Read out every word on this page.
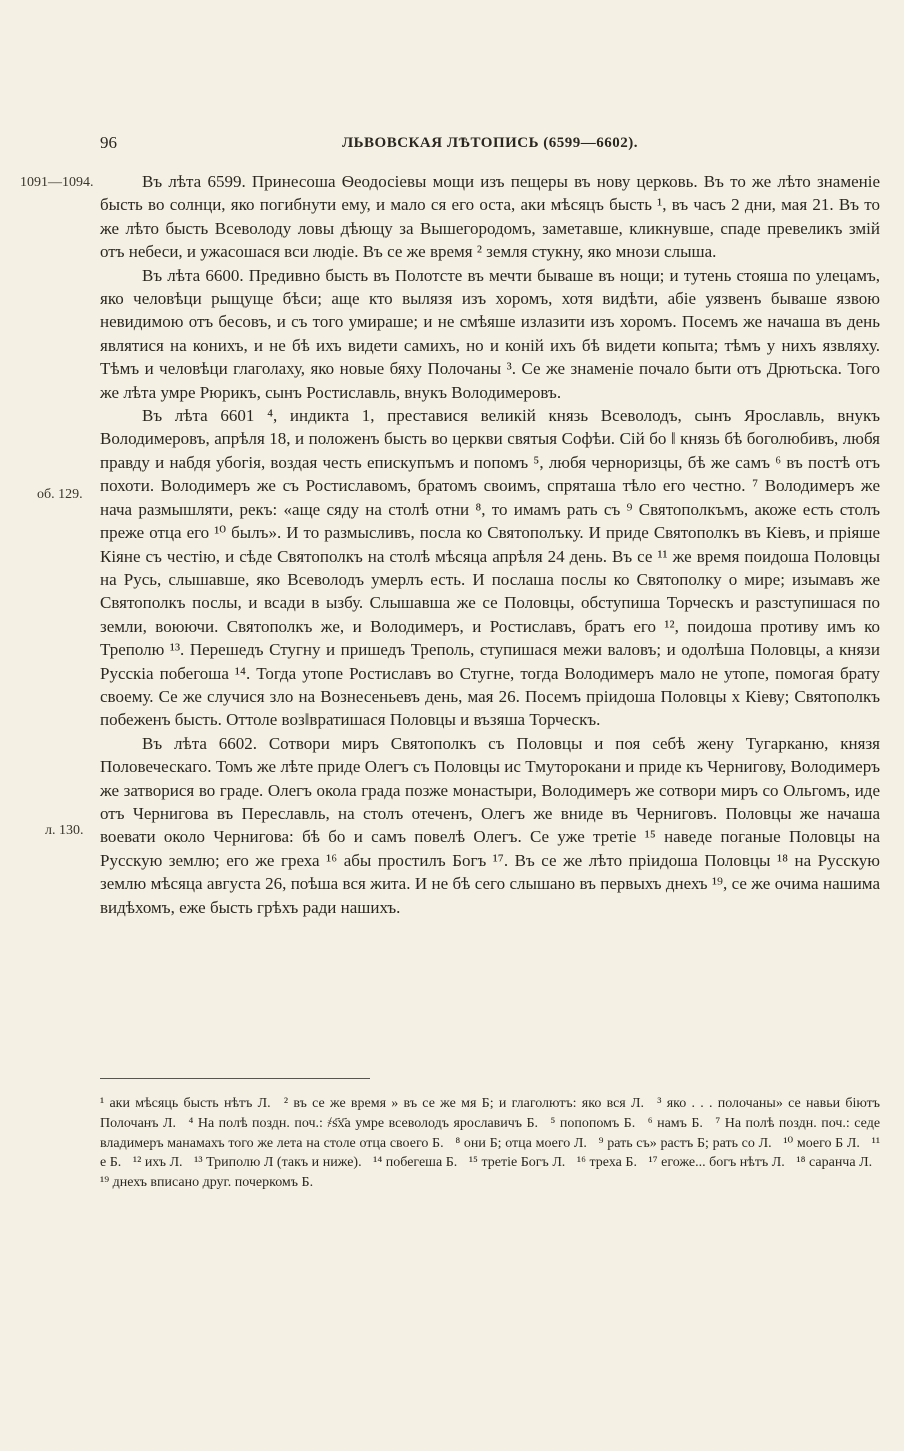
96	ЛЬВОВСКАЯ ЛѢТОПИСЬ (6599—6602).
1091—1094.
об. 129.
л. 130.

Въ лѣта 6599. Принесоша Ѳеодосіевы мощи изъ пещеры въ нову церковь. Въ то же лѣто знаменіе бысть во солнци, яко погибнути ему, и мало ся его оста, аки мѣсяцъ бысть ¹, въ часъ 2 дни, мая 21. Въ то же лѣто бысть Всеволоду ловы дѣющу за Вышегородомъ, заметавше, кликнувше, спаде превеликъ змій отъ небеси, и ужасошася вси людіе. Въ се же время ² земля стукну, яко мнози слыша.

Въ лѣта 6600. Предивно бысть въ Полотсте въ мечти бываше въ нощи; и тутень стояша по улецамъ, яко человѣци рыщуще бѣси; аще кто вылязя изъ хоромъ, хотя видѣти, абіе уязвенъ бываше язвою невидимою отъ бесовъ, и съ того умираше; и не смѣяше излазити изъ хоромъ. Посемъ же начаша въ день являтися на конихъ, и не бѣ ихъ видети самихъ, но и коній ихъ бѣ видети копыта; тѣмъ у нихъ язвляху. Тѣмъ и человѣци глаголаху, яко новые бяху Полочаны ³. Се же знаменіе почало быти отъ Дрютьска. Того же лѣта умре Рюрикъ, сынъ Ростиславль, внукъ Володимеровъ.

Въ лѣта 6601 ⁴, индикта 1, преставися великій князь Всеволодъ, сынъ Ярославль, внукъ Володимеровъ, апрѣля 18, и положенъ бысть во церкви святыя Софѣи. Сій бо ‖ князь бѣ боголюбивъ, любя правду и набдя убогія, воздая честь епискупъмъ и попомъ ⁵, любя черноризцы, бѣ же самъ ⁶ въ постѣ отъ похоти. Володимеръ же съ Ростиславомъ, братомъ своимъ, спряташа тѣло его честно. ⁷ Володимеръ же нача размышляти, рекъ: «аще сяду на столѣ отни ⁸, то имамъ рать съ ⁹ Святополкъмъ, акоже есть столъ преже отца его ¹⁰ былъ». И то размысливъ, посла ко Святополъку. И приде Святополкъ въ Кіевъ, и пріяше Кіяне съ честію, и сѣде Святополкъ на столѣ мѣсяца апрѣля 24 день. Въ се ¹¹ же время поидоша Половцы на Русь, слышавше, яко Всеволодъ умерлъ есть. И послаша послы ко Святополку о мире; изымавъ же Святополкъ послы, и всади в ызбу. Слышавша же се Половцы, обступиша Торческъ и разступишася по земли, воюючи. Святополкъ же, и Володимеръ, и Ростиславъ, братъ его ¹², поидоша противу имъ ко Треполю ¹³. Перешедъ Стугну и пришедъ Треполь, ступишася межи валовъ; и одолѣша Половцы, а князи Русскіа побегоша ¹⁴. Тогда утопе Ростиславъ во Стугне, тогда Володимеръ мало не утопе, помогая брату своему. Се же случися зло на Вознесеньевъ день, мая 26. Посемъ пріидоша Половцы х Кіеву; Святополкъ побеженъ бысть. Оттоле воз‖вратишася Половцы и възяша Торческъ.

Въ лѣта 6602. Сотвори миръ Святополкъ съ Половцы и поя себѣ жену Тугарканю, князя Половеческаго. Томъ же лѣте приде Олегъ съ Половцы ис Тмуторокани и приде къ Чернигову, Володимеръ же затворися во граде. Олегъ окола града позже монастыри, Володимеръ же сотвори миръ со Ольгомъ, иде отъ Чернигова въ Переславль, на столъ отеченъ, Олегъ же вниде въ Черниговъ. Половцы же начаша воевати около Чернигова: бѣ бо и самъ повелѣ Олегъ. Се уже третіе ¹⁵ наведе поганые Половцы на Русскую землю; его же греха ¹⁶ абы простилъ Богъ ¹⁷. Въ се же лѣто пріидоша Половцы ¹⁸ на Русскую землю мѣсяца августа 26, поѣша вся жита. И не бѣ сего слышано въ первыхъ днехъ ¹⁹, се же очима нашима видѣхомъ, еже бысть грѣхъ ради нашихъ.

¹ аки мѣсяць бысть нѣтъ Л. ² въ се же время » въ се же мя Б; и глаголютъ: яко вся Л. ³ яко . . . полочаны» се навьи біютъ Полочанъ Л. ⁴ На полѣ поздн. поч.: ҂ѕ҃х҃а умре всеволодъ ярославичъ Б. ⁵ попопомъ Б. ⁶ намъ Б. ⁷ На полѣ поздн. поч.: седе владимеръ манамахъ того же лета на столе отца своего Б. ⁸ они Б; отца моего Л. ⁹ рать съ» растъ Б; рать со Л. ¹⁰ моего Б Л. ¹¹ е Б. ¹² ихъ Л. ¹³ Триполю Л (такъ и ниже). ¹⁴ побегеша Б. ¹⁵ третіе Богъ Л. ¹⁶ треха Б. ¹⁷ егоже... богъ нѣтъ Л. ¹⁸ саранча Л. ¹⁹ днехъ вписано друг. почеркомъ Б.
